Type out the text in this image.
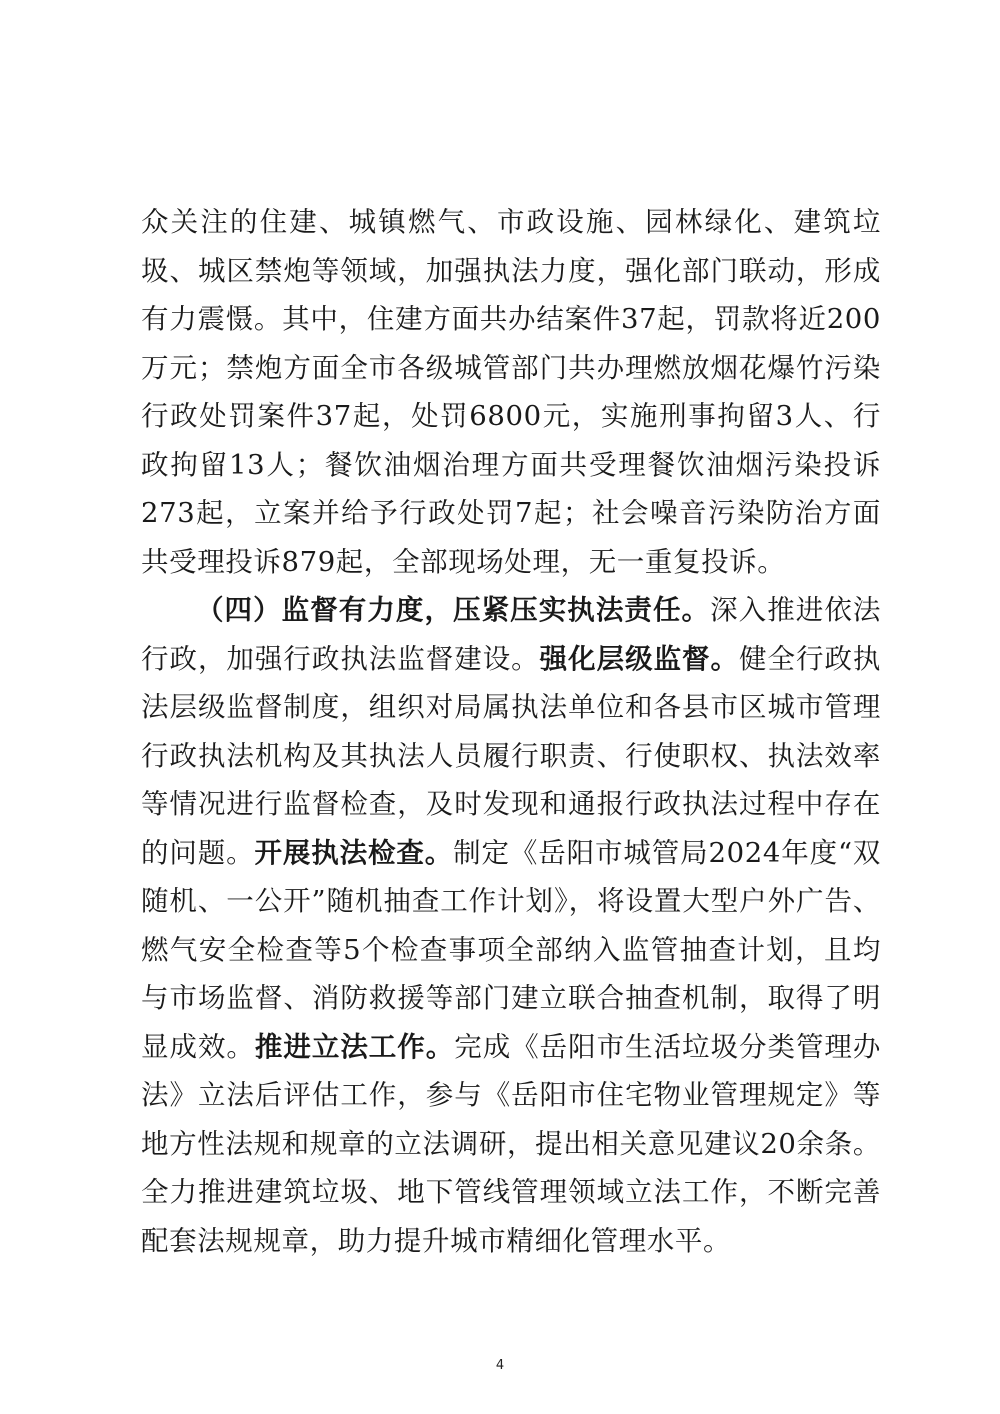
众关注的住建、城镇燃气、市政设施、园林绿化、建筑垃圾、城区禁炮等领域，加强执法力度，强化部门联动，形成有力震慑。其中，住建方面共办结案件37起，罚款将近200万元；禁炮方面全市各级城管部门共办理燃放烟花爆竹污染行政处罚案件37起，处罚6800元，实施刑事拘留3人、行政拘留13人；餐饮油烟治理方面共受理餐饮油烟污染投诉273起，立案并给予行政处罚7起；社会噪音污染防治方面共受理投诉879起，全部现场处理，无一重复投诉。

（四）监督有力度，压紧压实执法责任。深入推进依法行政，加强行政执法监督建设。强化层级监督。健全行政执法层级监督制度，组织对局属执法单位和各县市区城市管理行政执法机构及其执法人员履行职责、行使职权、执法效率等情况进行监督检查，及时发现和通报行政执法过程中存在的问题。开展执法检查。制定《岳阳市城管局2024年度“双随机、一公开”随机抽查工作计划》，将设置大型户外广告、燃气安全检查等5个检查事项全部纳入监管抽查计划，且均与市场监督、消防救援等部门建立联合抽查机制，取得了明显成效。推进立法工作。完成《岳阳市生活垃圾分类管理办法》立法后评估工作，参与《岳阳市住宅物业管理规定》等地方性法规和规章的立法调研，提出相关意见建议20余条。全力推进建筑垃圾、地下管线管理领域立法工作，不断完善配套法规规章，助力提升城市精细化管理水平。

4
